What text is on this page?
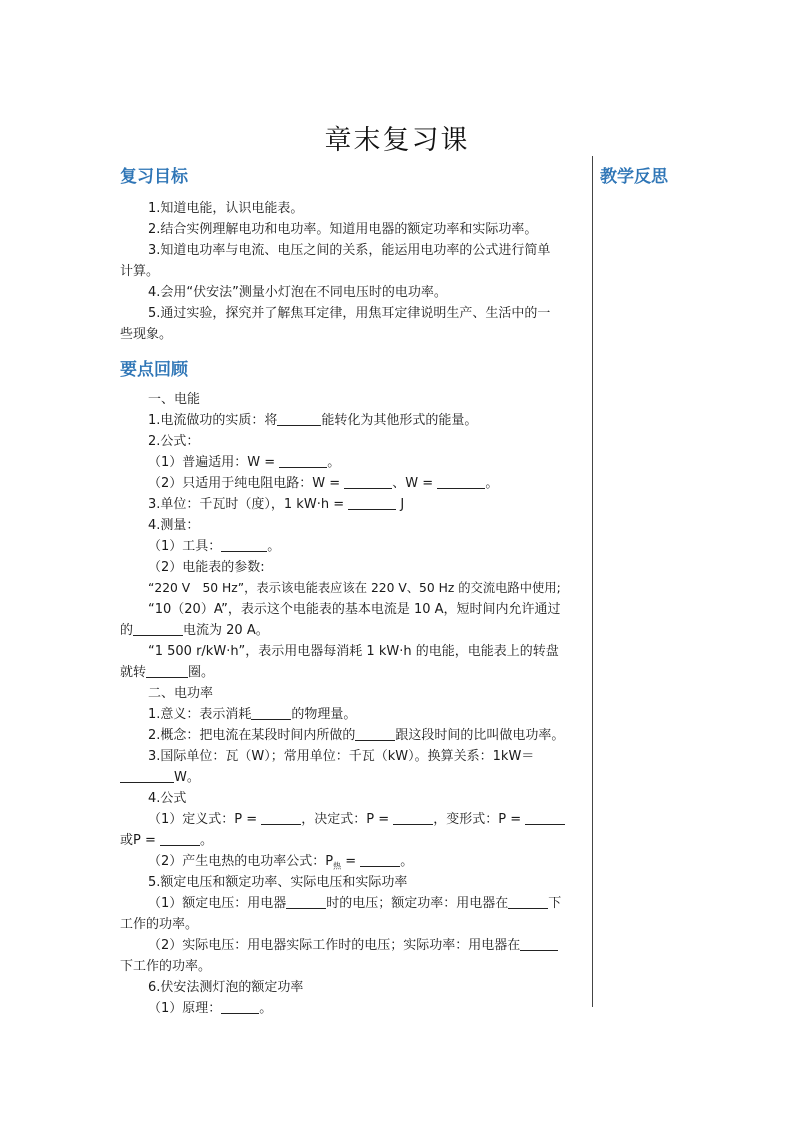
章末复习课
教学反思
复习目标
1.知道电能，认识电能表。
2.结合实例理解电功和电功率。知道用电器的额定功率和实际功率。
3.知道电功率与电流、电压之间的关系，能运用电功率的公式进行简单
计算。
4.会用“伏安法”测量小灯泡在不同电压时的电功率。
5.通过实验，探究并了解焦耳定律，用焦耳定律说明生产、生活中的一
些现象。
要点回顾
一、电能
1.电流做功的实质：将	能转化为其他形式的能量。
2.公式：
（1）普遍适用：W =	。
（2）只适用于纯电阻电路：W =	、W =	。
3.单位：千瓦时（度），1 kW·h =	J
4.测量：
（1）工具：	。
（2）电能表的参数:
“220 V　50 Hz”，表示该电能表应该在 220 V、50 Hz 的交流电路中使用;
“10（20）A”，表示这个电能表的基本电流是 10 A，短时间内允许通过
的	电流为 20 A。
“1 500 r/kW·h”，表示用电器每消耗 1 kW·h 的电能，电能表上的转盘
就转	圈。
二、电功率
1.意义：表示消耗	的物理量。
2.概念：把电流在某段时间内所做的	跟这段时间的比叫做电功率。
3.国际单位：瓦（W）；常用单位：千瓦（kW）。换算关系：1kW＝
W。
4.公式
（1）定义式：P =	，决定式：P =	，变形式：P =
或P =	。
（2）产生电热的电功率公式：$P_热$ =	。
5.额定电压和额定功率、实际电压和实际功率
（1）额定电压：用电器	时的电压；额定功率：用电器在	下
工作的功率。
（2）实际电压：用电器实际工作时的电压；实际功率：用电器在
下工作的功率。
6.伏安法测灯泡的额定功率
（1）原理：	。
